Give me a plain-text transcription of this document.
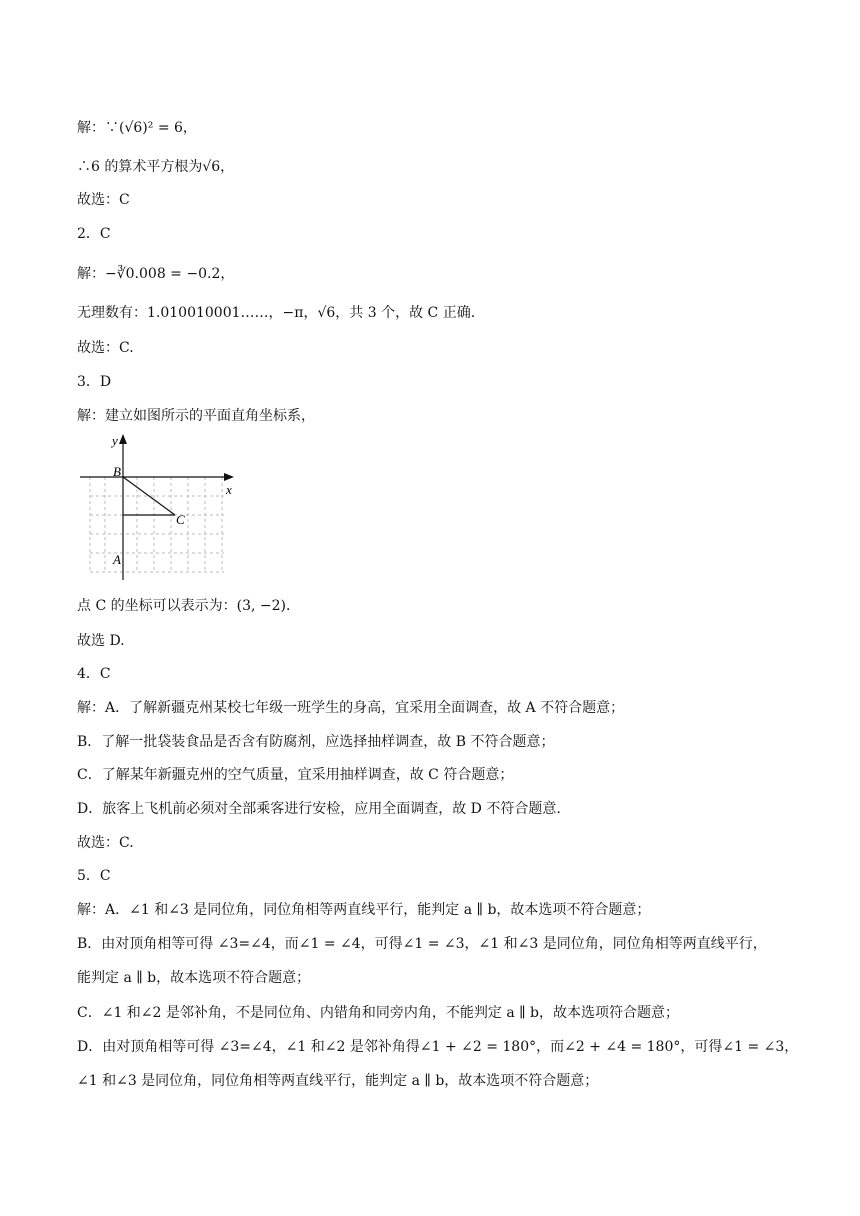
解：∵(√6)² = 6，
∴6 的算术平方根为√6，
故选：C
2．C
解：−∛0.008 = −0.2，
无理数有：1.010010001……，−π，√6，共 3 个，故 C 正确.
故选：C.
3．D
解：建立如图所示的平面直角坐标系，
x
y
B
C
A
点 C 的坐标可以表示为：(3, −2)．
故选 D.
4．C
解：A．了解新疆克州某校七年级一班学生的身高，宜采用全面调查，故 A 不符合题意；
B．了解一批袋装食品是否含有防腐剂，应选择抽样调查，故 B 不符合题意；
C．了解某年新疆克州的空气质量，宜采用抽样调查，故 C 符合题意；
D．旅客上飞机前必须对全部乘客进行安检，应用全面调查，故 D 不符合题意.
故选：C.
5．C
解：A．∠1 和∠3 是同位角，同位角相等两直线平行，能判定 a ∥ b，故本选项不符合题意；
B．由对顶角相等可得 ∠3=∠4，而∠1 = ∠4，可得∠1 = ∠3，∠1 和∠3 是同位角，同位角相等两直线平行，
能判定 a ∥ b，故本选项不符合题意；
C．∠1 和∠2 是邻补角，不是同位角、内错角和同旁内角，不能判定 a ∥ b，故本选项符合题意；
D．由对顶角相等可得 ∠3=∠4，∠1 和∠2 是邻补角得∠1 + ∠2 = 180°，而∠2 + ∠4 = 180°，可得∠1 = ∠3，
∠1 和∠3 是同位角，同位角相等两直线平行，能判定 a ∥ b，故本选项不符合题意；
